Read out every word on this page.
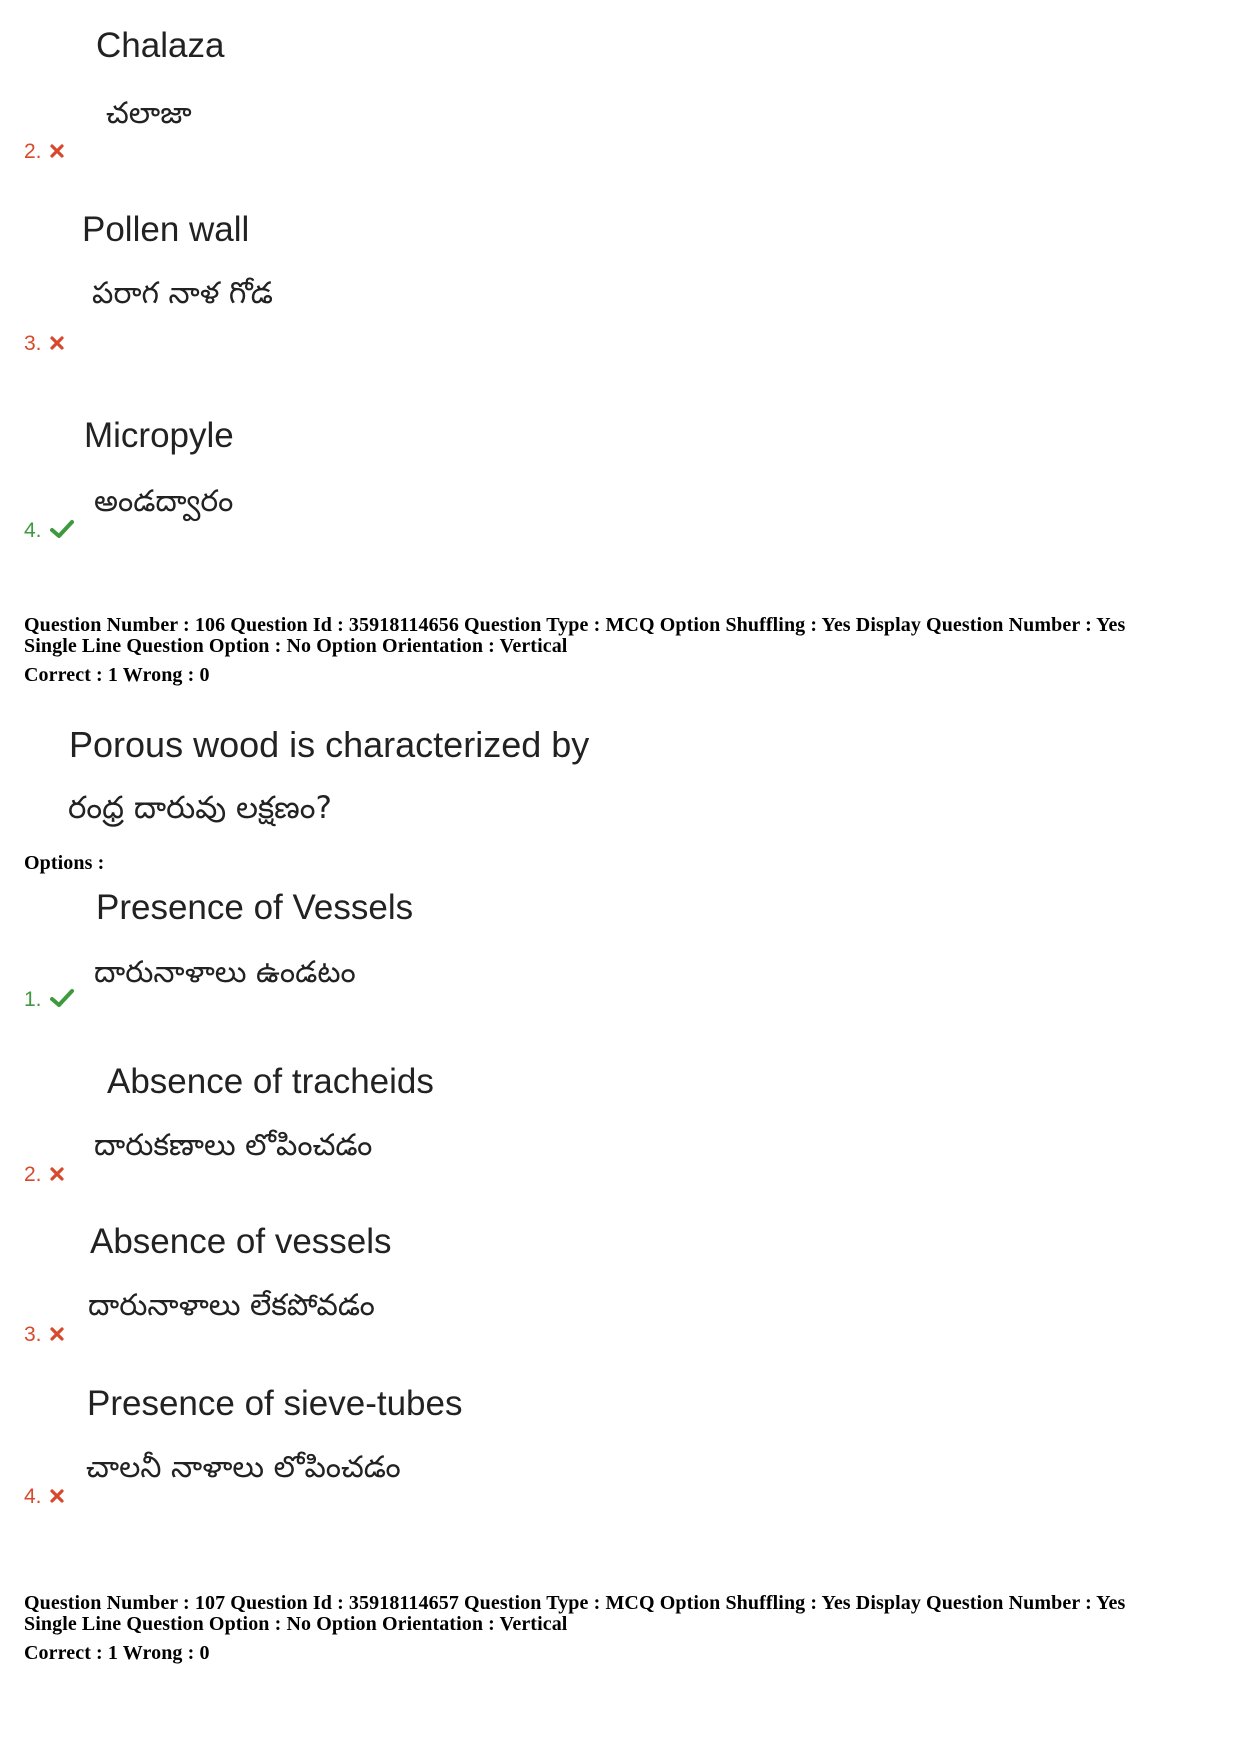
Chalaza
చలాజా
2.
Pollen wall
పరాగ నాళ గోడ
3.
Micropyle
అండద్వారం
4.
Question Number : 106 Question Id : 35918114656 Question Type : MCQ Option Shuffling : Yes Display Question Number : Yes
Single Line Question Option : No Option Orientation : Vertical
Correct : 1 Wrong : 0
Porous wood is characterized by
రంధ్ర దారువు లక్షణం?
Options :
Presence of Vessels
దారునాళాలు ఉండటం
1.
Absence of tracheids
దారుకణాలు లోపించడం
2.
Absence of vessels
దారునాళాలు లేకపోవడం
3.
Presence of sieve-tubes
చాలనీ నాళాలు లోపించడం
4.
Question Number : 107 Question Id : 35918114657 Question Type : MCQ Option Shuffling : Yes Display Question Number : Yes
Single Line Question Option : No Option Orientation : Vertical
Correct : 1 Wrong : 0
